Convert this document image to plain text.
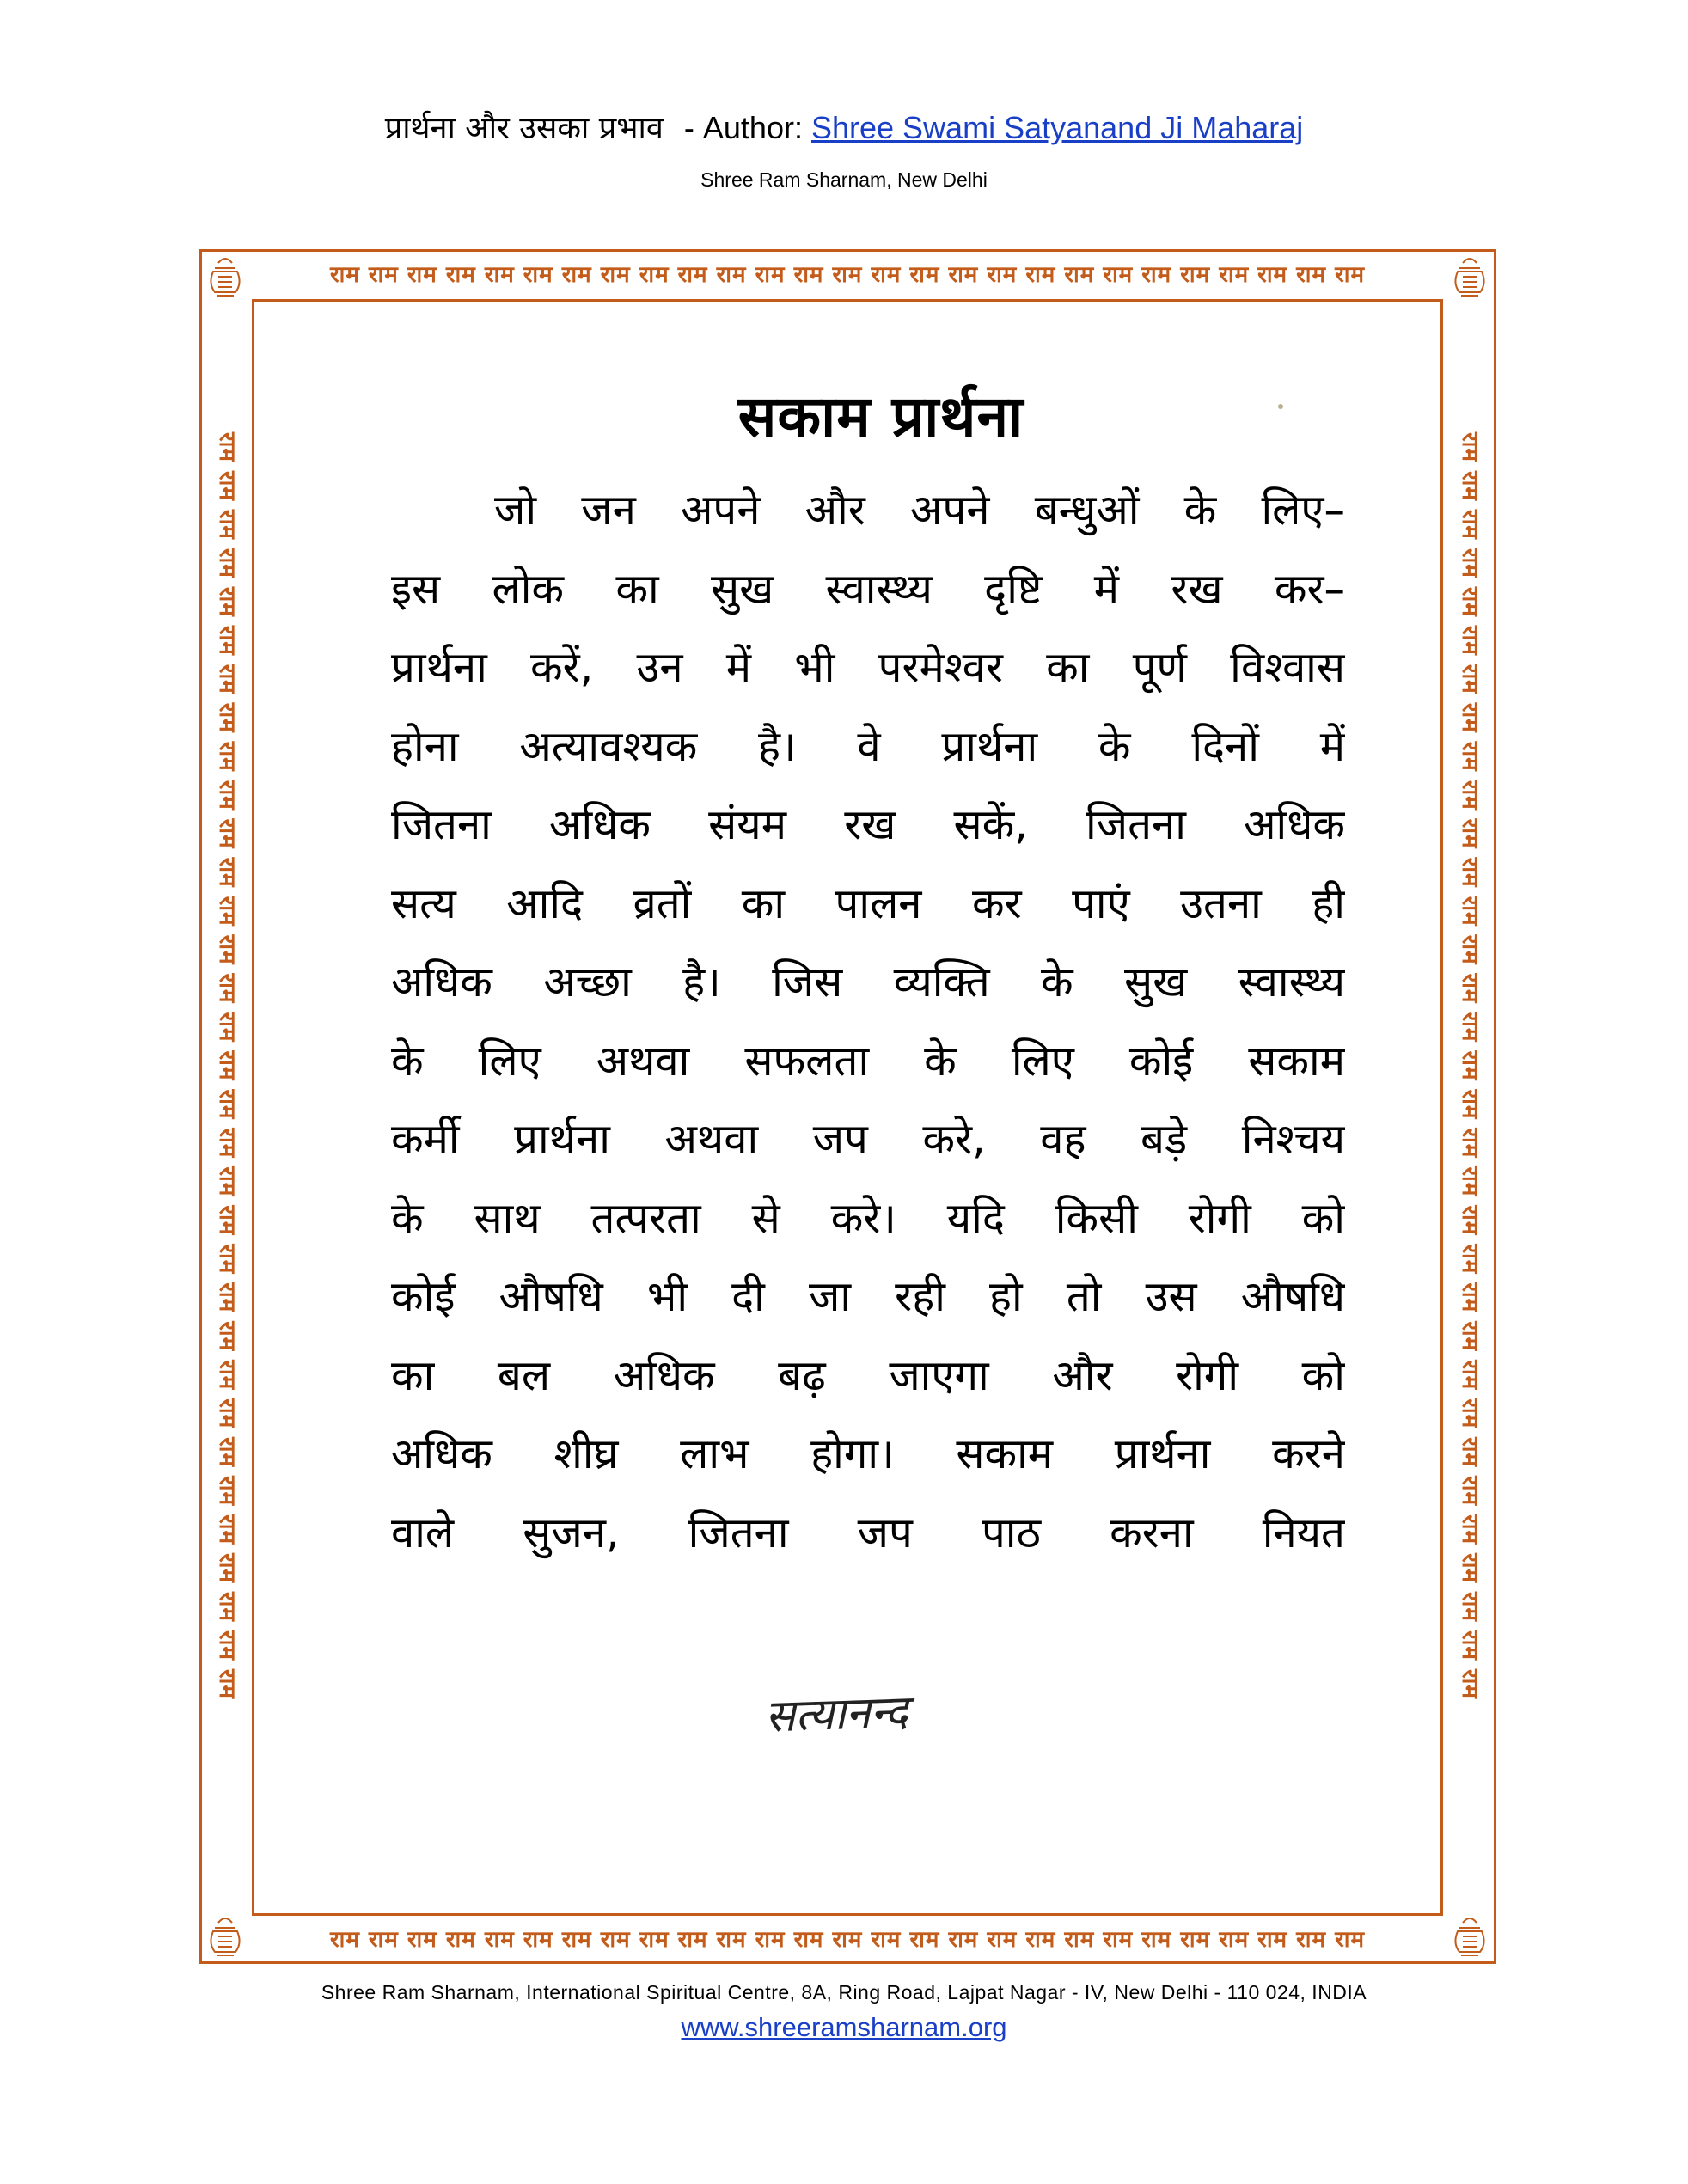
प्रार्थना और उसका प्रभाव - Author: Shree Swami Satyanand Ji Maharaj
Shree Ram Sharnam, New Delhi
राम राम राम राम राम राम राम राम राम राम राम राम राम राम राम राम राम राम राम राम राम राम राम राम राम राम राम
राम राम राम राम राम राम राम राम राम राम राम राम राम राम राम राम राम राम राम राम राम राम राम राम राम राम राम
राम राम राम राम राम राम राम राम राम राम राम राम राम राम राम राम राम राम राम राम राम राम राम राम राम राम राम राम राम राम राम राम राम	राम राम राम राम राम राम राम राम राम राम राम राम राम राम राम राम राम राम राम राम राम राम राम राम राम राम राम राम राम राम राम राम राम
सकाम प्रार्थना
जो जन अपने और अपने बन्धुओं के लिए–
इस लोक का सुख स्वास्थ्य दृष्टि में रख कर–
प्रार्थना करें, उन में भी परमेश्वर का पूर्ण विश्वास
होना अत्यावश्यक है। वे प्रार्थना के दिनों में
जितना अधिक संयम रख सकें, जितना अधिक
सत्य आदि व्रतों का पालन कर पाएं उतना ही
अधिक अच्छा है। जिस व्यक्ति के सुख स्वास्थ्य
के लिए अथवा सफलता के लिए कोई सकाम
कर्मी प्रार्थना अथवा जप करे, वह बड़े निश्चय
के साथ तत्परता से करे। यदि किसी रोगी को
कोई औषधि भी दी जा रही हो तो उस औषधि
का बल अधिक बढ़ जाएगा और रोगी को
अधिक शीघ्र लाभ होगा। सकाम प्रार्थना करने
वाले सुजन, जितना जप पाठ करना नियत
सत्यानन्द
Shree Ram Sharnam, International Spiritual Centre, 8A, Ring Road, Lajpat Nagar - IV, New Delhi - 110 024, INDIA
www.shreeramsharnam.org
